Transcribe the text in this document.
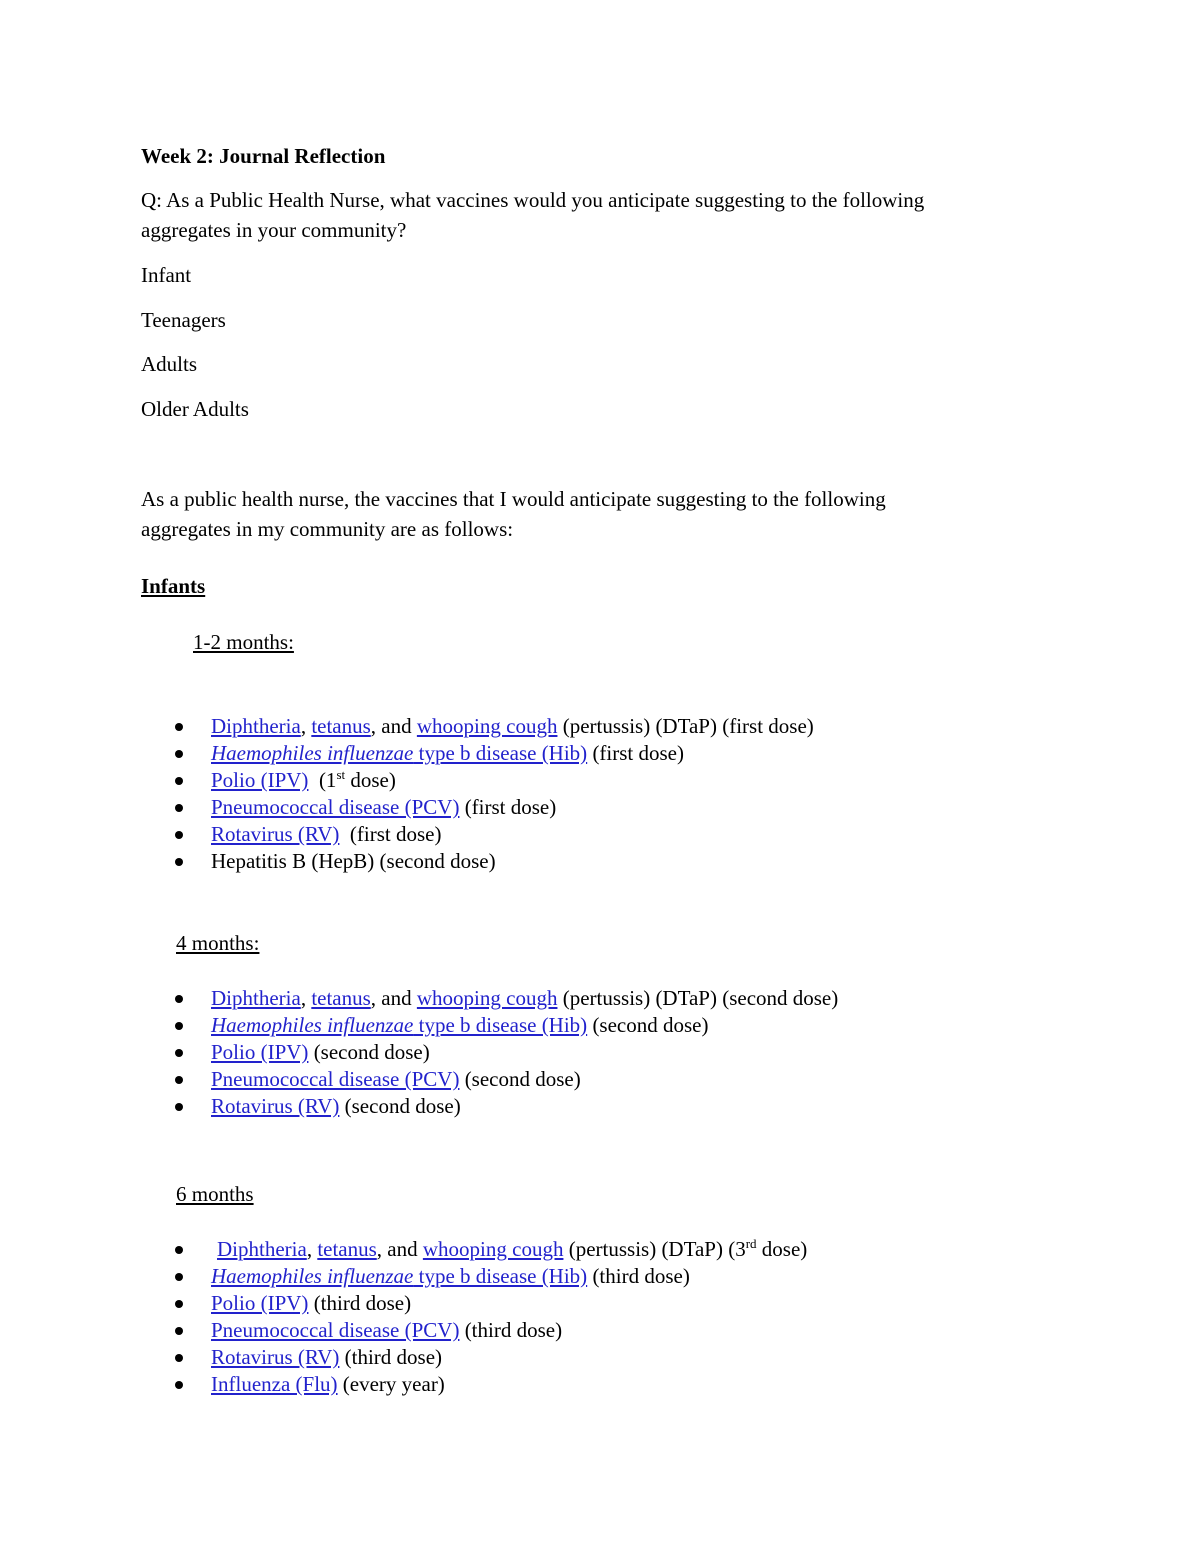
Week 2: Journal Reflection
Q: As a Public Health Nurse, what vaccines would you anticipate suggesting to the following
aggregates in your community?
Infant
Teenagers
Adults
Older Adults
As a public health nurse, the vaccines that I would anticipate suggesting to the following
aggregates in my community are as follows:
Infants
1-2 months:
Diphtheria, tetanus, and whooping cough (pertussis) (DTaP) (first dose)
Haemophiles influenzae type b disease (Hib) (first dose)
Polio (IPV)  (1st dose)
Pneumococcal disease (PCV) (first dose)
Rotavirus (RV)  (first dose)
Hepatitis B (HepB) (second dose)
4 months:
Diphtheria, tetanus, and whooping cough (pertussis) (DTaP) (second dose)
Haemophiles influenzae type b disease (Hib) (second dose)
Polio (IPV) (second dose)
Pneumococcal disease (PCV) (second dose)
Rotavirus (RV) (second dose)
6 months
Diphtheria, tetanus, and whooping cough (pertussis) (DTaP) (3rd dose)
Haemophiles influenzae type b disease (Hib) (third dose)
Polio (IPV) (third dose)
Pneumococcal disease (PCV) (third dose)
Rotavirus (RV) (third dose)
Influenza (Flu) (every year)
